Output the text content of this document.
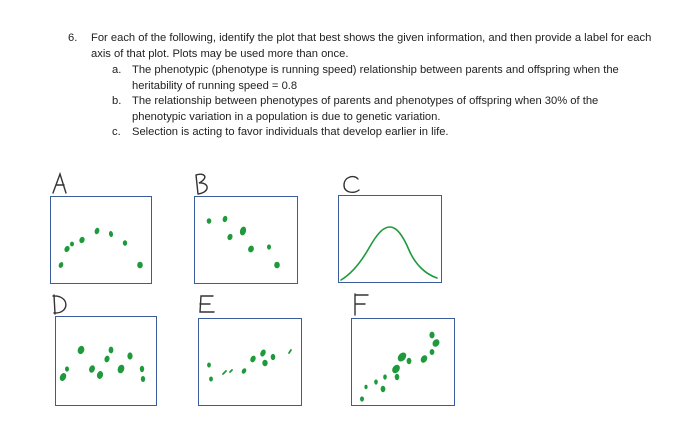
6. For each of the following, identify the plot that best shows the given information, and then provide a label for each axis of that plot. Plots may be used more than once.
a. The phenotypic (phenotype is running speed) relationship between parents and offspring when the heritability of running speed = 0.8
b. The relationship between phenotypes of parents and phenotypes of offspring when 30% of the phenotypic variation in a population is due to genetic variation.
c. Selection is acting to favor individuals that develop earlier in life.
